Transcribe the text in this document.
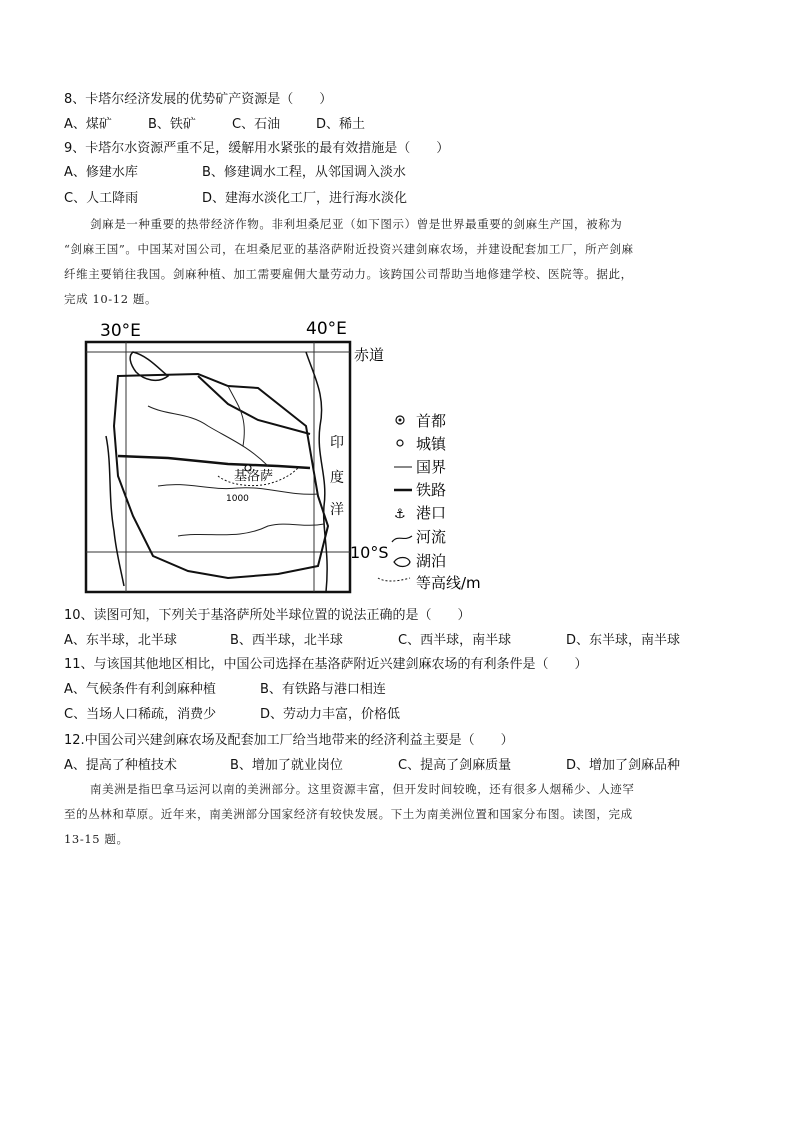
8、卡塔尔经济发展的优势矿产资源是（　　）
A、煤矿	B、铁矿	C、石油	D、稀土
9、卡塔尔水资源严重不足，缓解用水紧张的最有效措施是（　　）
A、修建水库	B、修建调水工程，从邻国调入淡水
C、人工降雨	D、建海水淡化工厂，进行海水淡化
剑麻是一种重要的热带经济作物。非利坦桑尼亚（如下图示）曾是世界最重要的剑麻生产国，被称为
“剑麻王国”。中国某对国公司，在坦桑尼亚的基洛萨附近投资兴建剑麻农场，并建设配套加工厂，所产剑麻
纤维主要销往我国。剑麻种植、加工需要雇佣大量劳动力。该跨国公司帮助当地修建学校、医院等。据此，
完成 10-12 题。
1000
基洛萨
30°E	40°E
赤道
印
度
洋
10°S
首都
城镇
国界
铁路
⚓ 港口
河流
湖泊
等高线/m
10、读图可知，下列关于基洛萨所处半球位置的说法正确的是（　　）
A、东半球，北半球	B、西半球，北半球	C、西半球，南半球	D、东半球，南半球
11、与该国其他地区相比，中国公司选择在基洛萨附近兴建剑麻农场的有利条件是（　　）
A、气候条件有利剑麻种植	B、有铁路与港口相连
C、当场人口稀疏，消费少	D、劳动力丰富，价格低
12.中国公司兴建剑麻农场及配套加工厂给当地带来的经济利益主要是（　　）
A、提高了种植技术	B、增加了就业岗位	C、提高了剑麻质量	D、增加了剑麻品种
南美洲是指巴拿马运河以南的美洲部分。这里资源丰富，但开发时间较晚，还有很多人烟稀少、人迹罕
至的丛林和草原。近年来，南美洲部分国家经济有较快发展。下土为南美洲位置和国家分布图。读图，完成
13-15 题。
